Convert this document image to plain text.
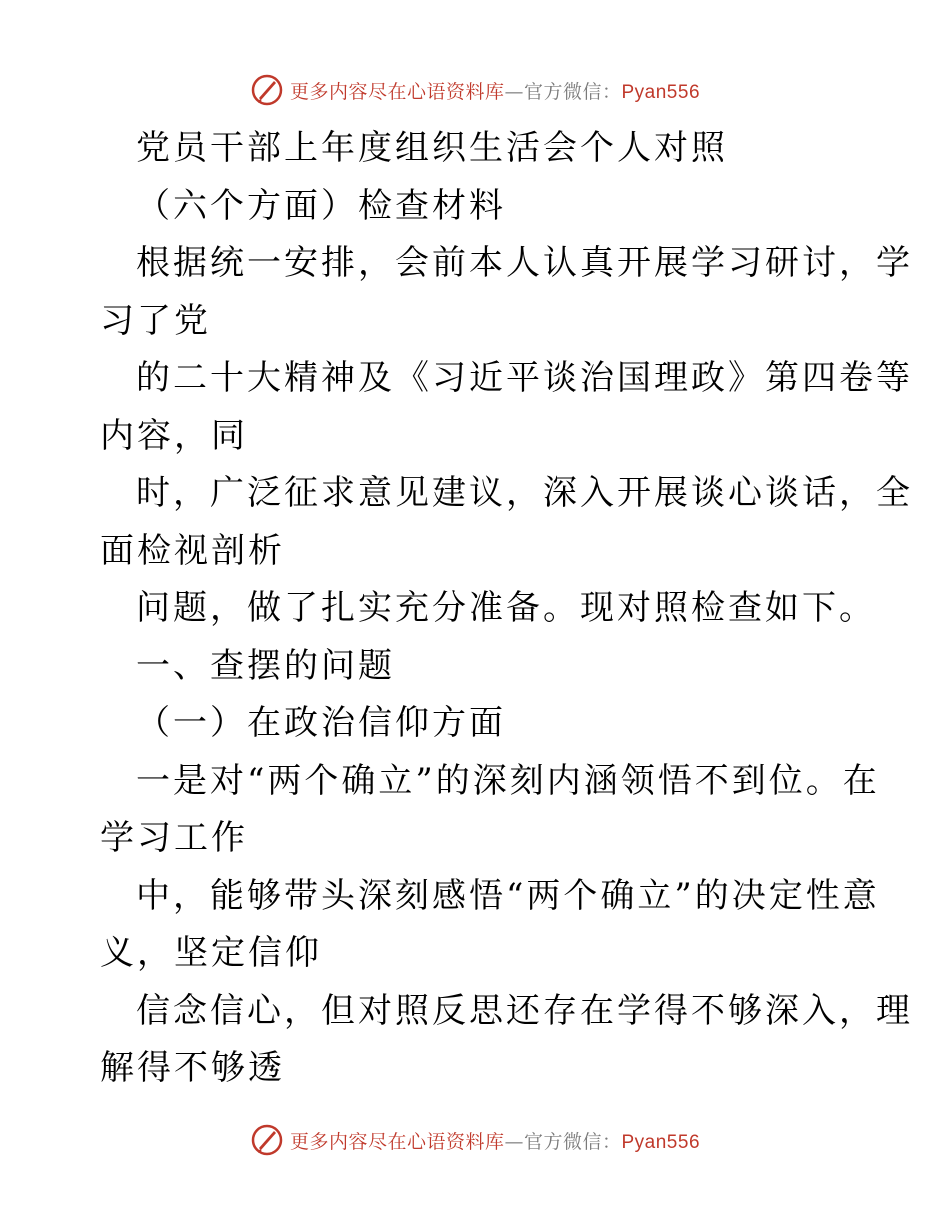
更多内容尽在心语资料库—官方微信：Pyan556

党员干部上年度组织生活会个人对照

（六个方面）检查材料

根据统一安排，会前本人认真开展学习研讨，学

习了党

的二十大精神及《习近平谈治国理政》第四卷等

内容，同

时，广泛征求意见建议，深入开展谈心谈话，全

面检视剖析

问题，做了扎实充分准备。现对照检查如下。

一、查摆的问题

（一）在政治信仰方面

一是对“两个确立”的深刻内涵领悟不到位。在

学习工作

中，能够带头深刻感悟“两个确立”的决定性意

义，坚定信仰

信念信心，但对照反思还存在学得不够深入，理

解得不够透

更多内容尽在心语资料库—官方微信：Pyan556
